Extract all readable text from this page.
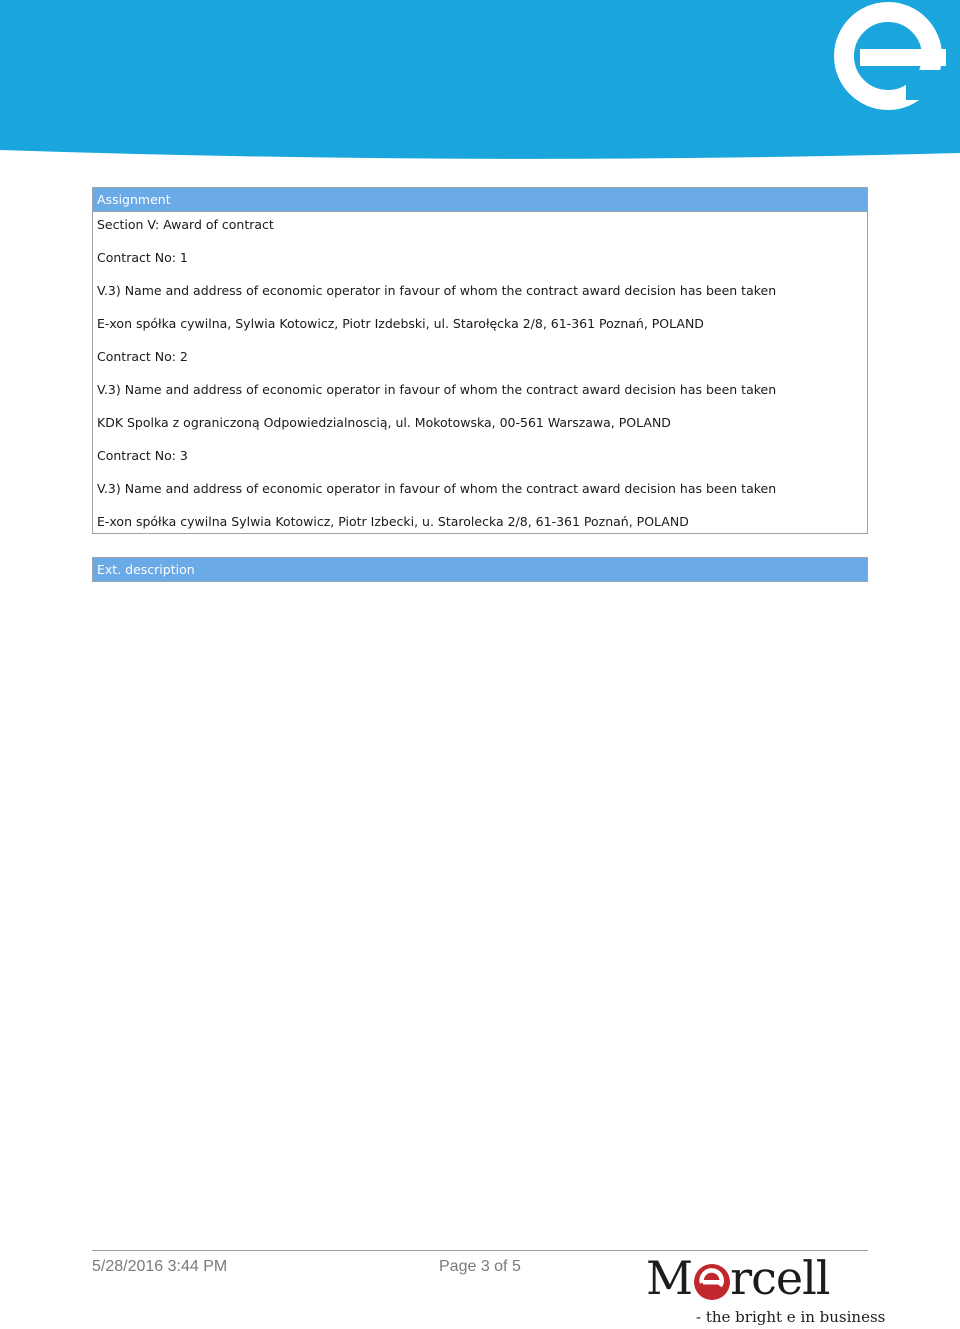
Assignment
Section V: Award of contract
Contract No: 1
V.3) Name and address of economic operator in favour of whom the contract award decision has been taken
E-xon spółka cywilna, Sylwia Kotowicz, Piotr Izdebski, ul. Starołęcka 2/8, 61-361 Poznań, POLAND
Contract No: 2
V.3) Name and address of economic operator in favour of whom the contract award decision has been taken
KDK Spolka z ograniczoną Odpowiedzialnoscią, ul. Mokotowska, 00-561 Warszawa, POLAND
Contract No: 3
V.3) Name and address of economic operator in favour of whom the contract award decision has been taken
E-xon spółka cywilna Sylwia Kotowicz, Piotr Izbecki, u. Starolecka 2/8, 61-361 Poznań, POLAND
Ext. description
5/28/2016 3:44 PM	Page 3 of 5	M rcell
- the bright e in business
